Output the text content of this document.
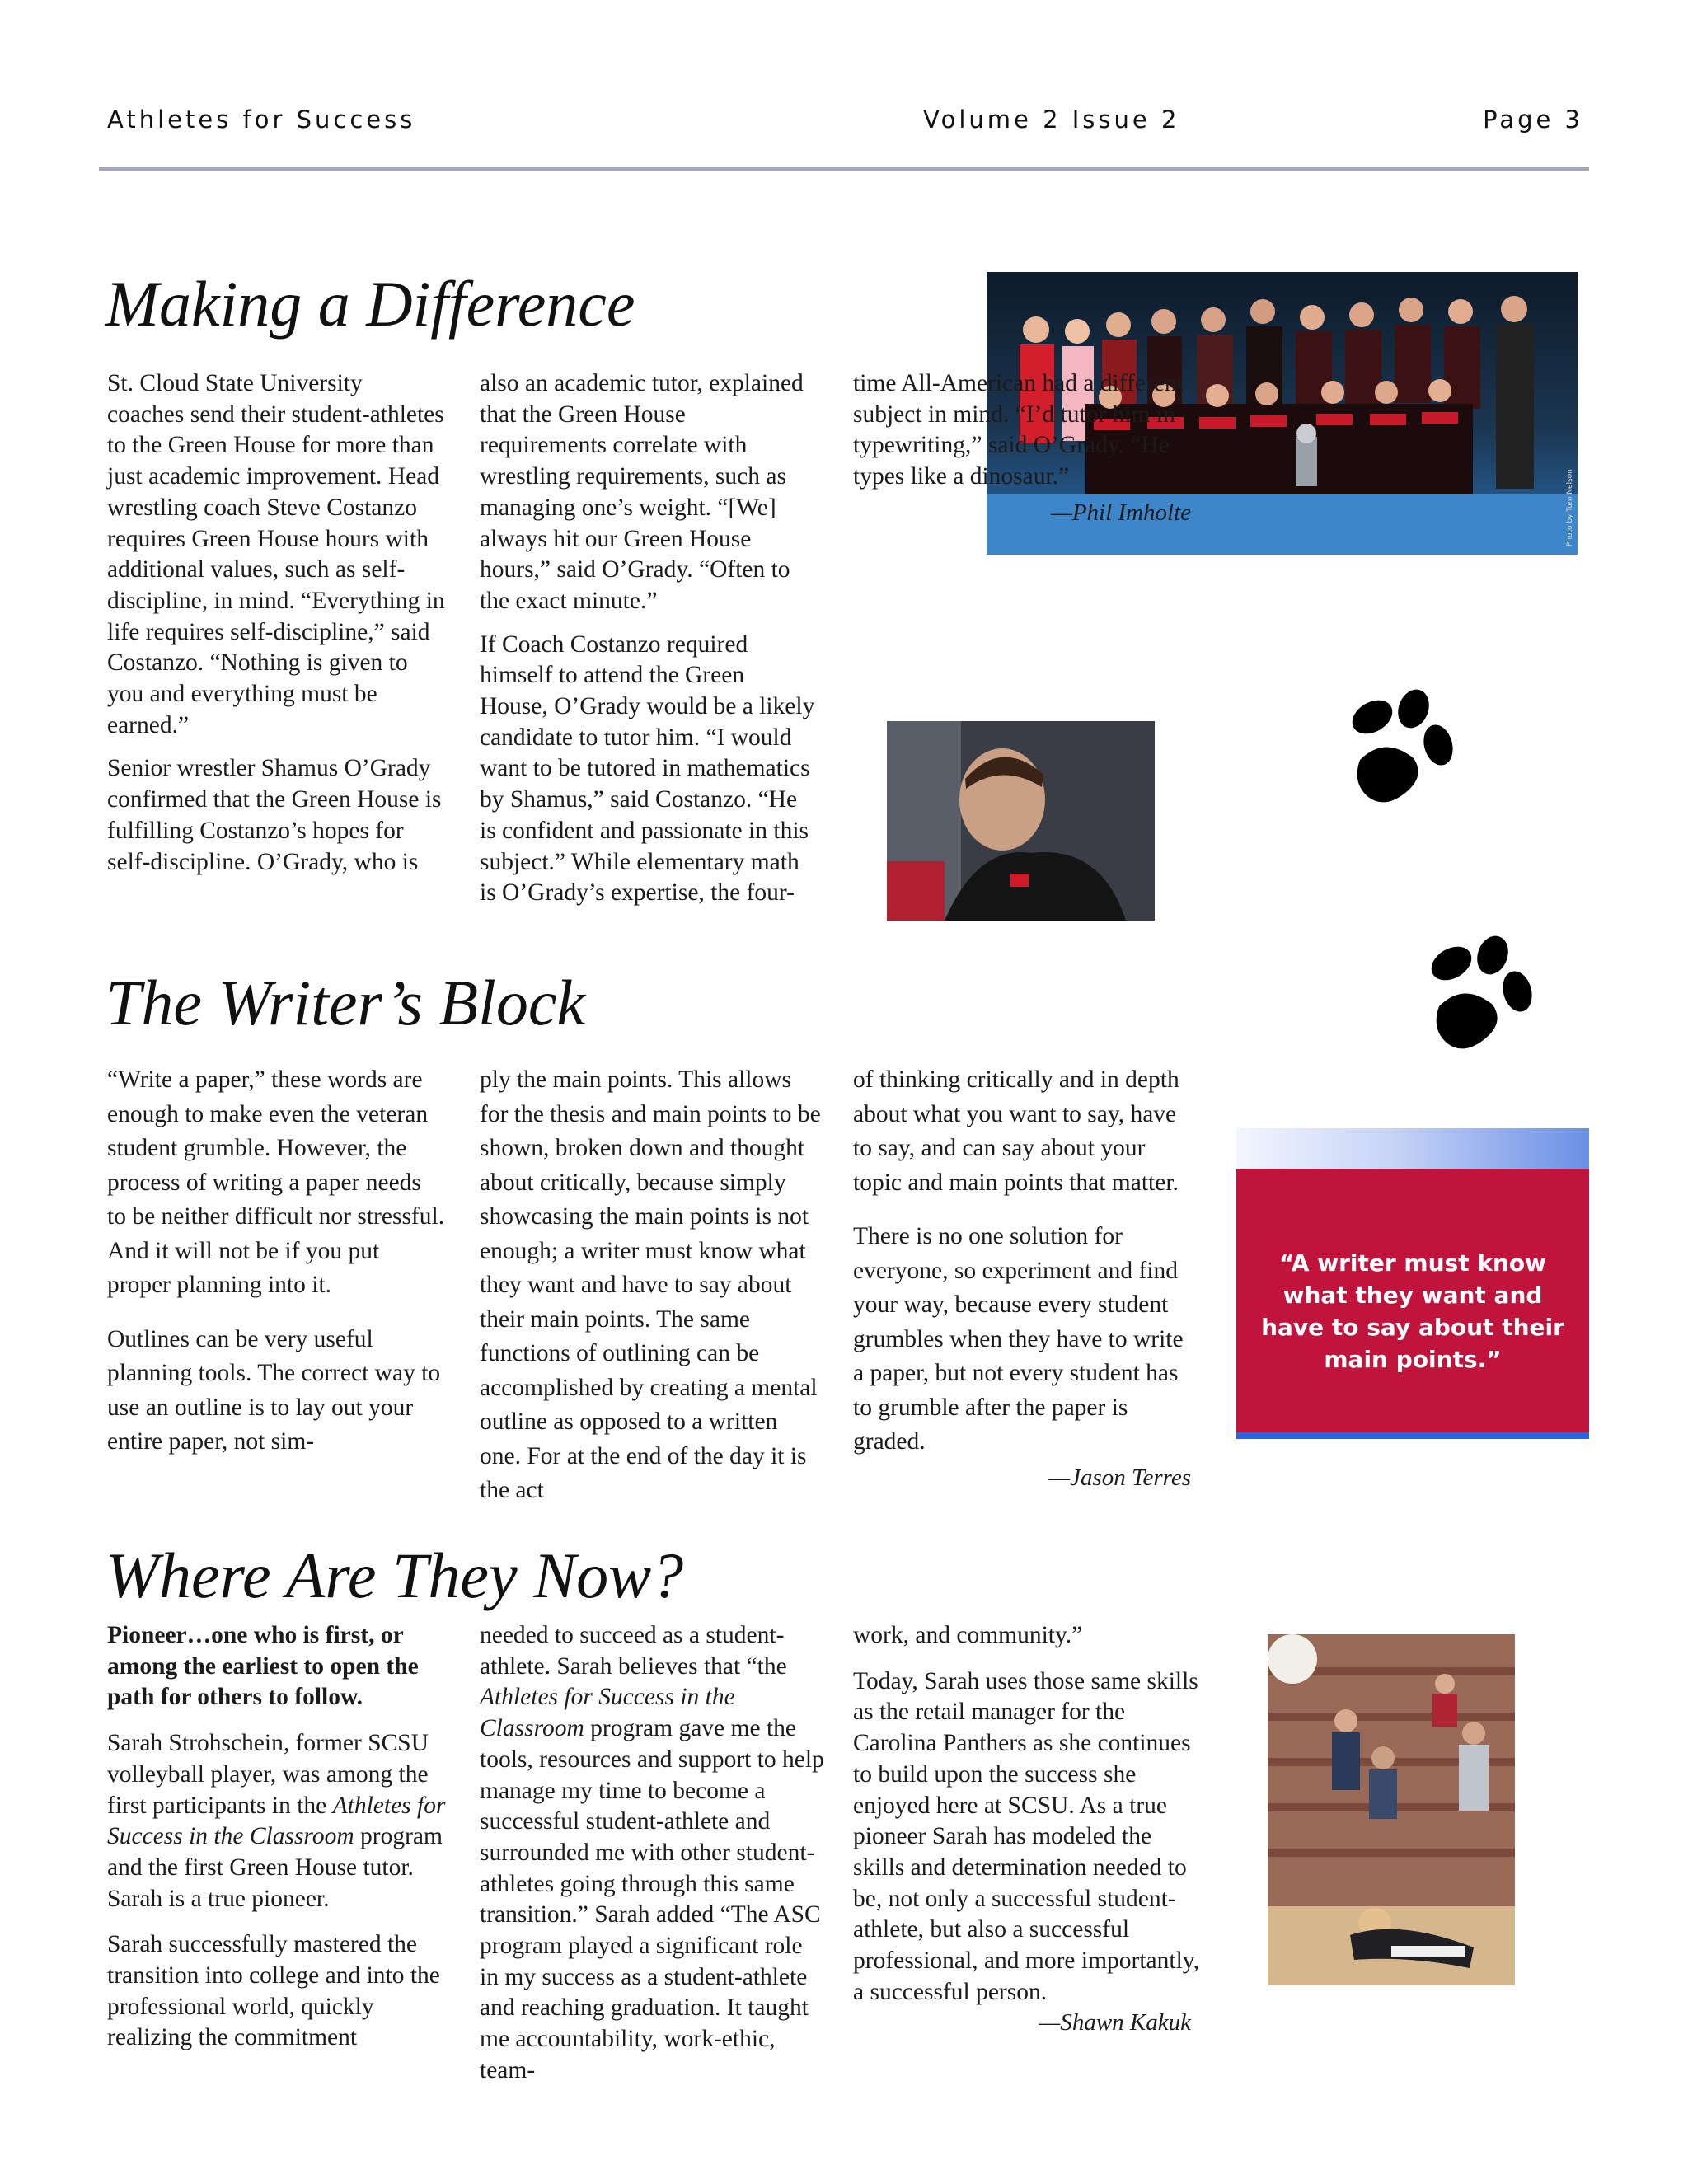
Athletes for Success	Volume 2 Issue 2	Page 3
Making a Difference

St. Cloud State University coaches send their student-athletes to the Green House for more than just academic improvement. Head wrestling coach Steve Costanzo requires Green House hours with additional values, such as self-discipline, in mind. “Everything in life requires self-discipline,” said Costanzo. “Nothing is given to you and everything must be earned.”

Senior wrestler Shamus O’Grady confirmed that the Green House is fulfilling Costanzo’s hopes for self-discipline. O’Grady, who is

also an academic tutor, explained that the Green House requirements correlate with wrestling requirements, such as managing one’s weight. “[We] always hit our Green House hours,” said O’Grady. “Often to the exact minute.”

If Coach Costanzo required himself to attend the Green House, O’Grady would be a likely candidate to tutor him. “I would want to be tutored in mathematics by Shamus,” said Costanzo. “He is confident and passionate in this subject.” While elementary math is O’Grady’s expertise, the four-

Photo by Tom Nelson

time All-American had a different subject in mind. “I’d tutor him in typewriting,” said O’Grady. “He types like a dinosaur.”

—Phil Imholte
The Writer’s Block

“Write a paper,” these words are enough to make even the veteran student grumble. However, the process of writing a paper needs to be neither difficult nor stressful. And it will not be if you put proper planning into it.

Outlines can be very useful planning tools. The correct way to use an outline is to lay out your entire paper, not sim-

ply the main points. This allows for the thesis and main points to be shown, broken down and thought about critically, because simply showcasing the main points is not enough; a writer must know what they want and have to say about their main points. The same functions of outlining can be accomplished by creating a mental outline as opposed to a written one. For at the end of the day it is the act

of thinking critically and in depth about what you want to say, have to say, and can say about your topic and main points that matter.

There is no one solution for everyone, so experiment and find your way, because every student grumbles when they have to write a paper, but not every student has to grumble after the paper is graded.

—Jason Terres
“A writer must know what they want and have to say about their main points.”
Where Are They Now?

Pioneer…one who is first, or among the earliest to open the path for others to follow.

Sarah Strohschein, former SCSU volleyball player, was among the first participants in the Athletes for Success in the Classroom program and the first Green House tutor. Sarah is a true pioneer.

Sarah successfully mastered the transition into college and into the professional world, quickly realizing the commitment

needed to succeed as a student-athlete. Sarah believes that “the Athletes for Success in the Classroom program gave me the tools, resources and support to help manage my time to become a successful student-athlete and surrounded me with other student-athletes going through this same transition.” Sarah added “The ASC program played a significant role in my success as a student-athlete and reaching graduation. It taught me accountability, work-ethic, team-

work, and community.”

Today, Sarah uses those same skills as the retail manager for the Carolina Panthers as she continues to build upon the success she enjoyed here at SCSU. As a true pioneer Sarah has modeled the skills and determination needed to be, not only a successful student-athlete, but also a successful professional, and more importantly, a successful person.

—Shawn Kakuk
